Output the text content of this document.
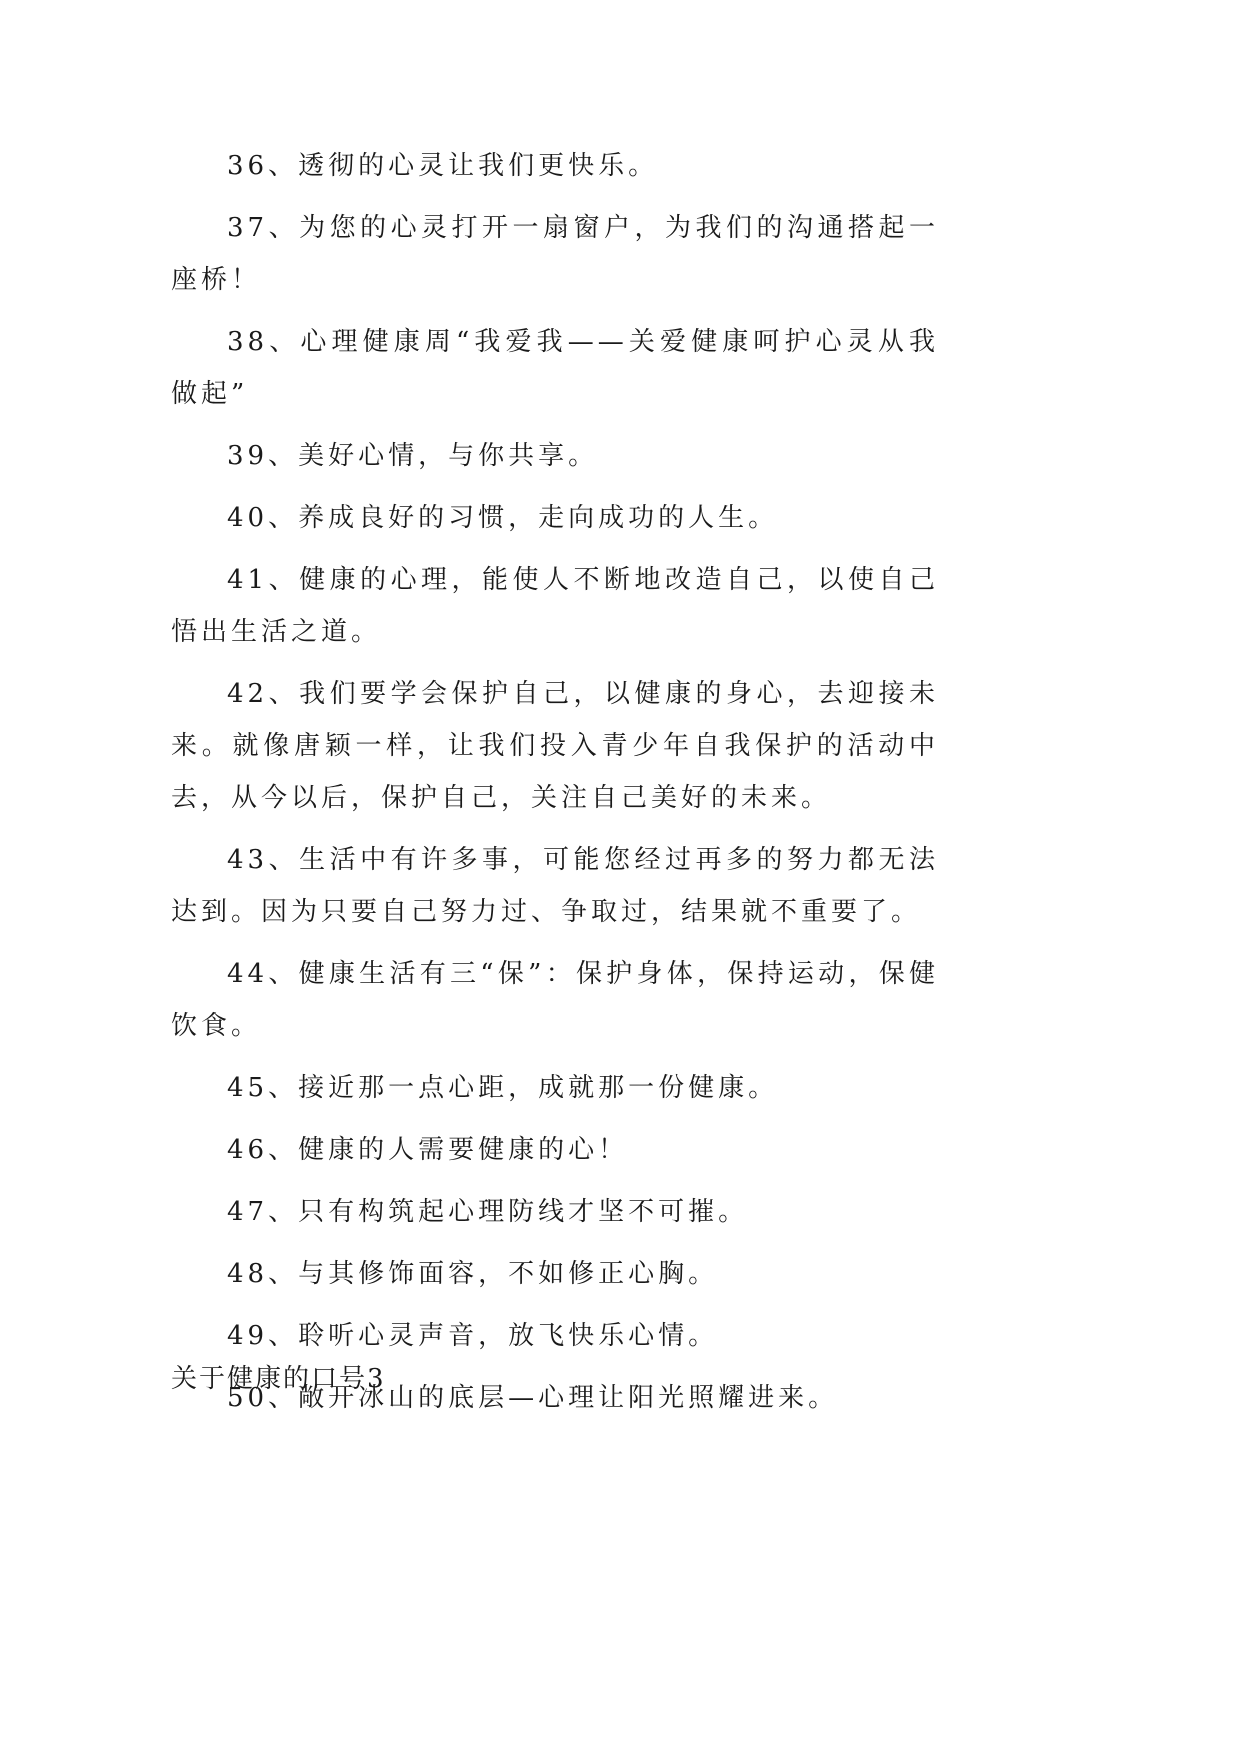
36、透彻的心灵让我们更快乐。

37、为您的心灵打开一扇窗户，为我们的沟通搭起一座桥！

38、心理健康周“我爱我——关爱健康呵护心灵从我做起”

39、美好心情，与你共享。

40、养成良好的习惯，走向成功的人生。

41、健康的心理，能使人不断地改造自己，以使自己悟出生活之道。

42、我们要学会保护自己，以健康的身心，去迎接未来。就像唐颖一样，让我们投入青少年自我保护的活动中去，从今以后，保护自己，关注自己美好的未来。

43、生活中有许多事，可能您经过再多的努力都无法达到。因为只要自己努力过、争取过，结果就不重要了。

44、健康生活有三“保”：保护身体，保持运动，保健饮食。

45、接近那一点心距，成就那一份健康。

46、健康的人需要健康的心！

47、只有构筑起心理防线才坚不可摧。

48、与其修饰面容，不如修正心胸。

49、聆听心灵声音，放飞快乐心情。

50、敞开冰山的底层—心理让阳光照耀进来。

关于健康的口号3
